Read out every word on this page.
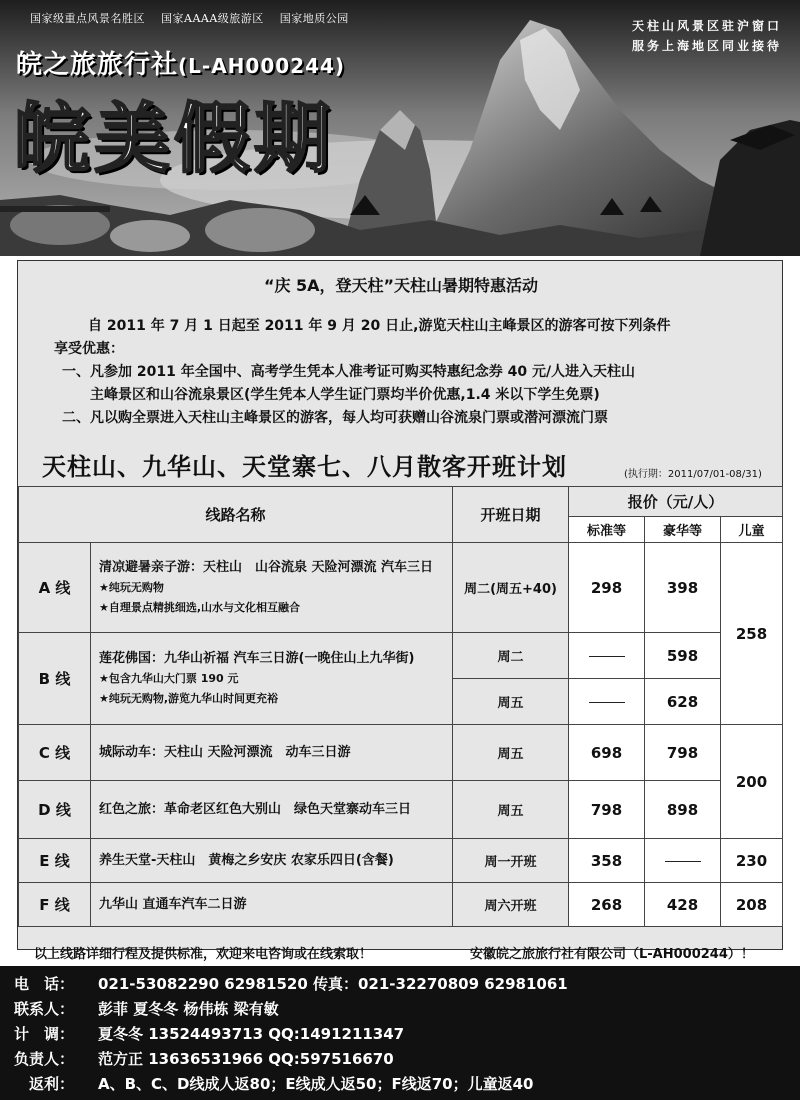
国家级重点风景名胜区 国家AAAA级旅游区 国家地质公园
天柱山风景区驻沪窗口
服务上海地区同业接待
皖之旅旅行社(L-AH000244)
皖美假期
“庆 5A，登天柱”天柱山暑期特惠活动
自 2011 年 7 月 1 日起至 2011 年 9 月 20 日止,游览天柱山主峰景区的游客可按下列条件
享受优惠：
一、凡参加 2011 年全国中、高考学生凭本人准考证可购买特惠纪念券 40 元/人进入天柱山
主峰景区和山谷流泉景区(学生凭本人学生证门票均半价优惠,1.4 米以下学生免票)
二、凡以购全票进入天柱山主峰景区的游客，每人均可获赠山谷流泉门票或潜河漂流门票
天柱山、九华山、天堂寨七、八月散客开班计划	(执行期：2011/07/01-08/31)
线路名称		开班日期	报价（元/人）		
			标准等	豪华等	儿童
A 线	清凉避暑亲子游：天柱山　山谷流泉 天险河漂流 汽车三日
★纯玩无购物
★自理景点精挑细选,山水与文化相互融合	周二(周五+40)	298	398	258
B 线	莲花佛国：九华山祈福 汽车三日游(一晚住山上九华街)
★包含九华山大门票 190 元
★纯玩无购物,游览九华山时间更充裕	周二		598	
		周五		628	
C 线	城际动车：天柱山 天险河漂流　动车三日游	周五	698	798	200
D 线	红色之旅：革命老区红色大别山　绿色天堂寨动车三日	周五	798	898	
E 线	养生天堂-天柱山　黄梅之乡安庆 农家乐四日(含餐)	周一开班	358		230
F 线	九华山 直通车汽车二日游	周六开班	268	428	208
以上线路详细行程及提供标准，欢迎来电咨询或在线索取！	安徽皖之旅旅行社有限公司（L-AH000244）！
电　话： 021-53082290 62981520 传真：021-32270809 62981061
联系人： 彭菲 夏冬冬 杨伟栋 梁有敏
计　调： 夏冬冬 13524493713 QQ:1491211347
负责人： 范方正 13636531966 QQ:597516670
　返利： A、B、C、D线成人返80；E线成人返50；F线返70；儿童返40
